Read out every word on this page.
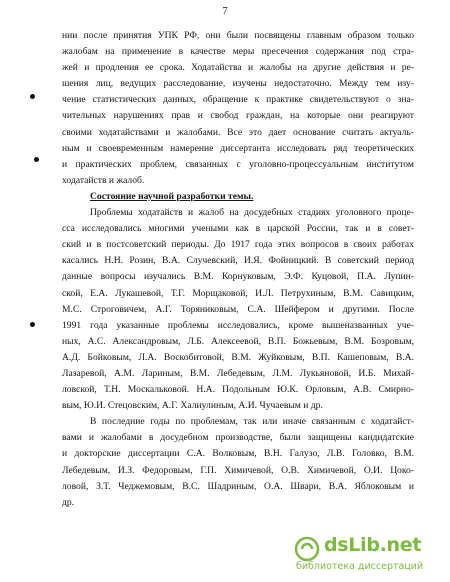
7
нии после принятия УПК РФ, они были посвящены главным образом только
жалобам на применение в качестве меры пресечения содержания под стра-
жей и продления ее срока. Ходатайства и жалобы на другие действия и ре-
шения лиц, ведущих расследование, изучены недостаточно. Между тем изу-
чение статистических данных, обращение к практике свидетельствуют о зна-
чительных нарушениях прав и свобод граждан, на которые они реагируют
своими ходатайствами и жалобами. Все это дает основание считать актуаль-
ным и своевременным намерение диссертанта исследовать ряд теоретических
и практических проблем, связанных с уголовно-процессуальным институтом
ходатайств и жалоб.
Состояние научной разработки темы.
Проблемы ходатайств и жалоб на досудебных стадиях уголовного проце-
сса исследовались многими учеными как в царской России, так и в совет-
ский и в постсоветский периоды. До 1917 года этих вопросов в своих работах
касались Н.Н. Розин, В.А. Случевский, И.Я. Фойницкий. В советский период
данные вопросы изучались В.М. Корнуковым, Э.Ф. Куцовой, П.А. Лупин-
ской, Е.А. Лукашевой, Т.Г. Морщаковой, И.Л. Петрухиным, В.М. Савицким,
М.С. Строговичем, А.Г. Торяниковым, С.А. Шейфером и другими. После
1991 года указанные проблемы исследовались, кроме вышеназванных уче-
ных, А.С. Александровым, Л.Б. Алексеевой, В.П. Божьевым, В.М. Бозровым,
А.Д. Бойковым, Л.А. Воскобитовой, В.М. Жуйковым, В.П. Кашеповым, В.А.
Лазаревой, А.М. Лариным, В.М. Лебедевым, Л.М. Лукьяновой, И.Б. Михай-
ловской, Т.Н. Москальковой. Н.А. Подольным Ю.К. Орловым, А.В. Смирно-
вым, Ю.И. Стецовским, А.Г. Халиулиным, А.И. Чучаевым и др.
В последние годы по проблемам, так или иначе связанным с ходатайст-
вами и жалобами в досудебном производстве, были защищены кандидатские
и докторские диссертации С.А. Волковым, В.Н. Галузо, Л.В. Головко, В.М.
Лебедевым, И.З. Федоровым, Г.П. Химичевой, О.В. Химичевой, О.И. Цоко-
ловой, З.Т. Чеджемовым, В.С. Шадриным, О.А. Швари, В.А. Яблоковым и
др.
dsLib.net
библиотека диссертаций
